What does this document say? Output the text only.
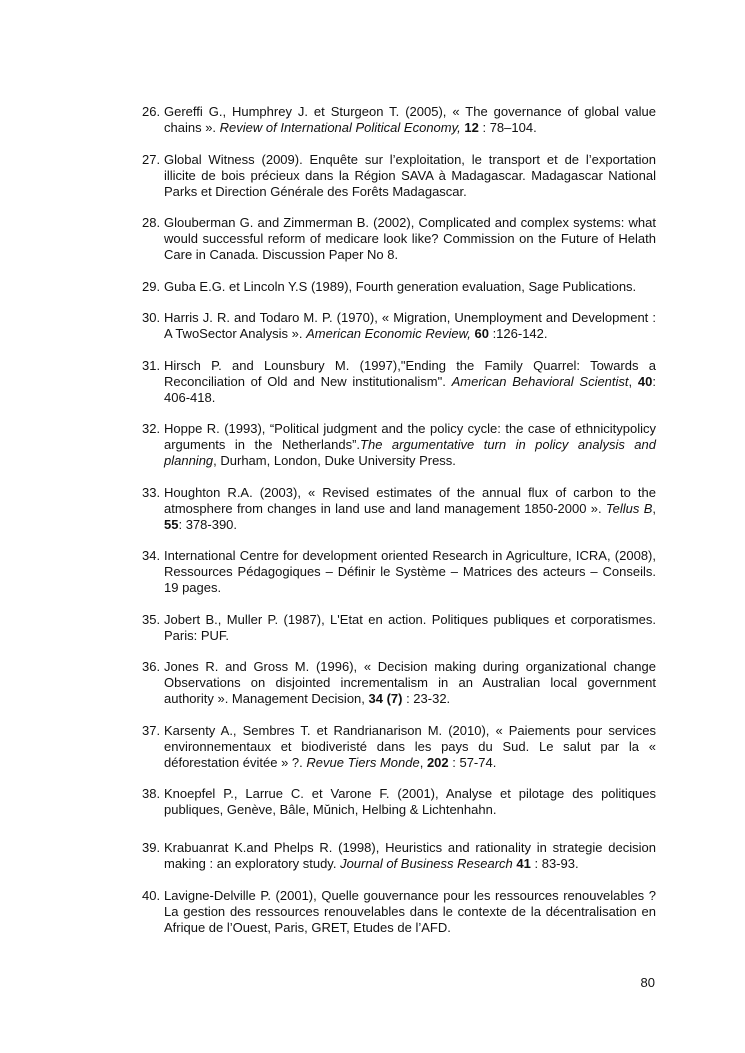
26. Gereffi G., Humphrey J. et Sturgeon T. (2005), « The governance of global value chains ». Review of International Political Economy, 12 : 78–104.
27. Global Witness (2009). Enquête sur l’exploitation, le transport et de l’exportation illicite de bois précieux dans la Région SAVA à Madagascar. Madagascar National Parks et Direction Générale des Forêts Madagascar.
28. Glouberman G. and Zimmerman B. (2002), Complicated and complex systems: what would successful reform of medicare look like? Commission on the Future of Helath Care in Canada. Discussion Paper No 8.
29. Guba E.G. et Lincoln Y.S (1989), Fourth generation evaluation, Sage Publications.
30. Harris J. R. and Todaro M. P. (1970), « Migration, Unemployment and Development : A TwoSector Analysis ». American Economic Review, 60 :126-142.
31. Hirsch P. and Lounsbury M. (1997),"Ending the Family Quarrel: Towards a Reconciliation of Old and New institutionalism". American Behavioral Scientist, 40: 406-418.
32. Hoppe R. (1993), “Political judgment and the policy cycle: the case of ethnicitypolicy arguments in the Netherlands”.The argumentative turn in policy analysis and planning, Durham, London, Duke University Press.
33. Houghton R.A. (2003), « Revised estimates of the annual flux of carbon to the atmosphere from changes in land use and land management 1850-2000 ». Tellus B, 55: 378-390.
34. International Centre for development oriented Research in Agriculture, ICRA, (2008), Ressources Pédagogiques – Définir le Système – Matrices des acteurs – Conseils. 19 pages.
35. Jobert B., Muller P. (1987), L'Etat en action. Politiques publiques et corporatismes. Paris: PUF.
36. Jones R. and Gross M. (1996), « Decision making during organizational change Observations on disjointed incrementalism in an Australian local government authority ». Management Decision, 34 (7) : 23-32.
37. Karsenty A., Sembres T. et Randrianarison M. (2010), « Paiements pour services environnementaux et biodiveristé dans les pays du Sud. Le salut par la « déforestation évitée » ?. Revue Tiers Monde, 202 : 57-74.
38. Knoepfel P., Larrue C. et Varone F. (2001), Analyse et pilotage des politiques publiques, Genève, Bâle, Mŭnich, Helbing & Lichtenhahn.
39. Krabuanrat K.and Phelps R. (1998), Heuristics and rationality in strategie decision making : an exploratory study. Journal of Business Research 41 : 83-93.
40. Lavigne-Delville P. (2001), Quelle gouvernance pour les ressources renouvelables ? La gestion des ressources renouvelables dans le contexte de la décentralisation en Afrique de l’Ouest, Paris, GRET, Etudes de l’AFD.
80
